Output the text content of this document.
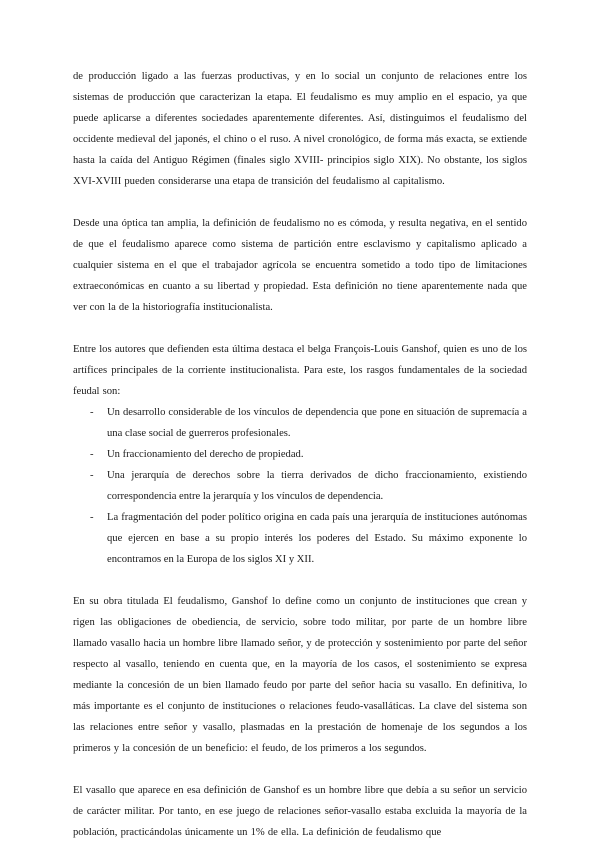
de producción ligado a las fuerzas productivas, y en lo social un conjunto de relaciones entre los sistemas de producción que caracterizan la etapa. El feudalismo es muy amplio en el espacio, ya que puede aplicarse a diferentes sociedades aparentemente diferentes. Así, distinguimos el feudalismo del occidente medieval del japonés, el chino o el ruso. A nivel cronológico, de forma más exacta, se extiende hasta la caída del Antiguo Régimen (finales siglo XVIII- principios siglo XIX). No obstante, los siglos XVI-XVIII pueden considerarse una etapa de transición del feudalismo al capitalismo.

Desde una óptica tan amplia, la definición de feudalismo no es cómoda, y resulta negativa, en el sentido de que el feudalismo aparece como sistema de partición entre esclavismo y capitalismo aplicado a cualquier sistema en el que el trabajador agrícola se encuentra sometido a todo tipo de limitaciones extraeconómicas en cuanto a su libertad y propiedad. Esta definición no tiene aparentemente nada que ver con la de la historiografía institucionalista.

Entre los autores que defienden esta última destaca el belga François-Louis Ganshof, quien es uno de los artífices principales de la corriente institucionalista. Para este, los rasgos fundamentales de la sociedad feudal son:

- Un desarrollo considerable de los vínculos de dependencia que pone en situación de supremacía a una clase social de guerreros profesionales.
- Un fraccionamiento del derecho de propiedad.
- Una jerarquía de derechos sobre la tierra derivados de dicho fraccionamiento, existiendo correspondencia entre la jerarquía y los vínculos de dependencia.
- La fragmentación del poder político origina en cada país una jerarquía de instituciones autónomas que ejercen en base a su propio interés los poderes del Estado. Su máximo exponente lo encontramos en la Europa de los siglos XI y XII.

En su obra titulada El feudalismo, Ganshof lo define como un conjunto de instituciones que crean y rigen las obligaciones de obediencia, de servicio, sobre todo militar, por parte de un hombre libre llamado vasallo hacia un hombre libre llamado señor, y de protección y sostenimiento por parte del señor respecto al vasallo, teniendo en cuenta que, en la mayoría de los casos, el sostenimiento se expresa mediante la concesión de un bien llamado feudo por parte del señor hacia su vasallo. En definitiva, lo más importante es el conjunto de instituciones o relaciones feudo-vasalláticas. La clave del sistema son las relaciones entre señor y vasallo, plasmadas en la prestación de homenaje de los segundos a los primeros y la concesión de un beneficio: el feudo, de los primeros a los segundos.

El vasallo que aparece en esa definición de Ganshof es un hombre libre que debía a su señor un servicio de carácter militar. Por tanto, en ese juego de relaciones señor-vasallo estaba excluida la mayoría de la población, practicándolas únicamente un 1% de ella. La definición de feudalismo que
